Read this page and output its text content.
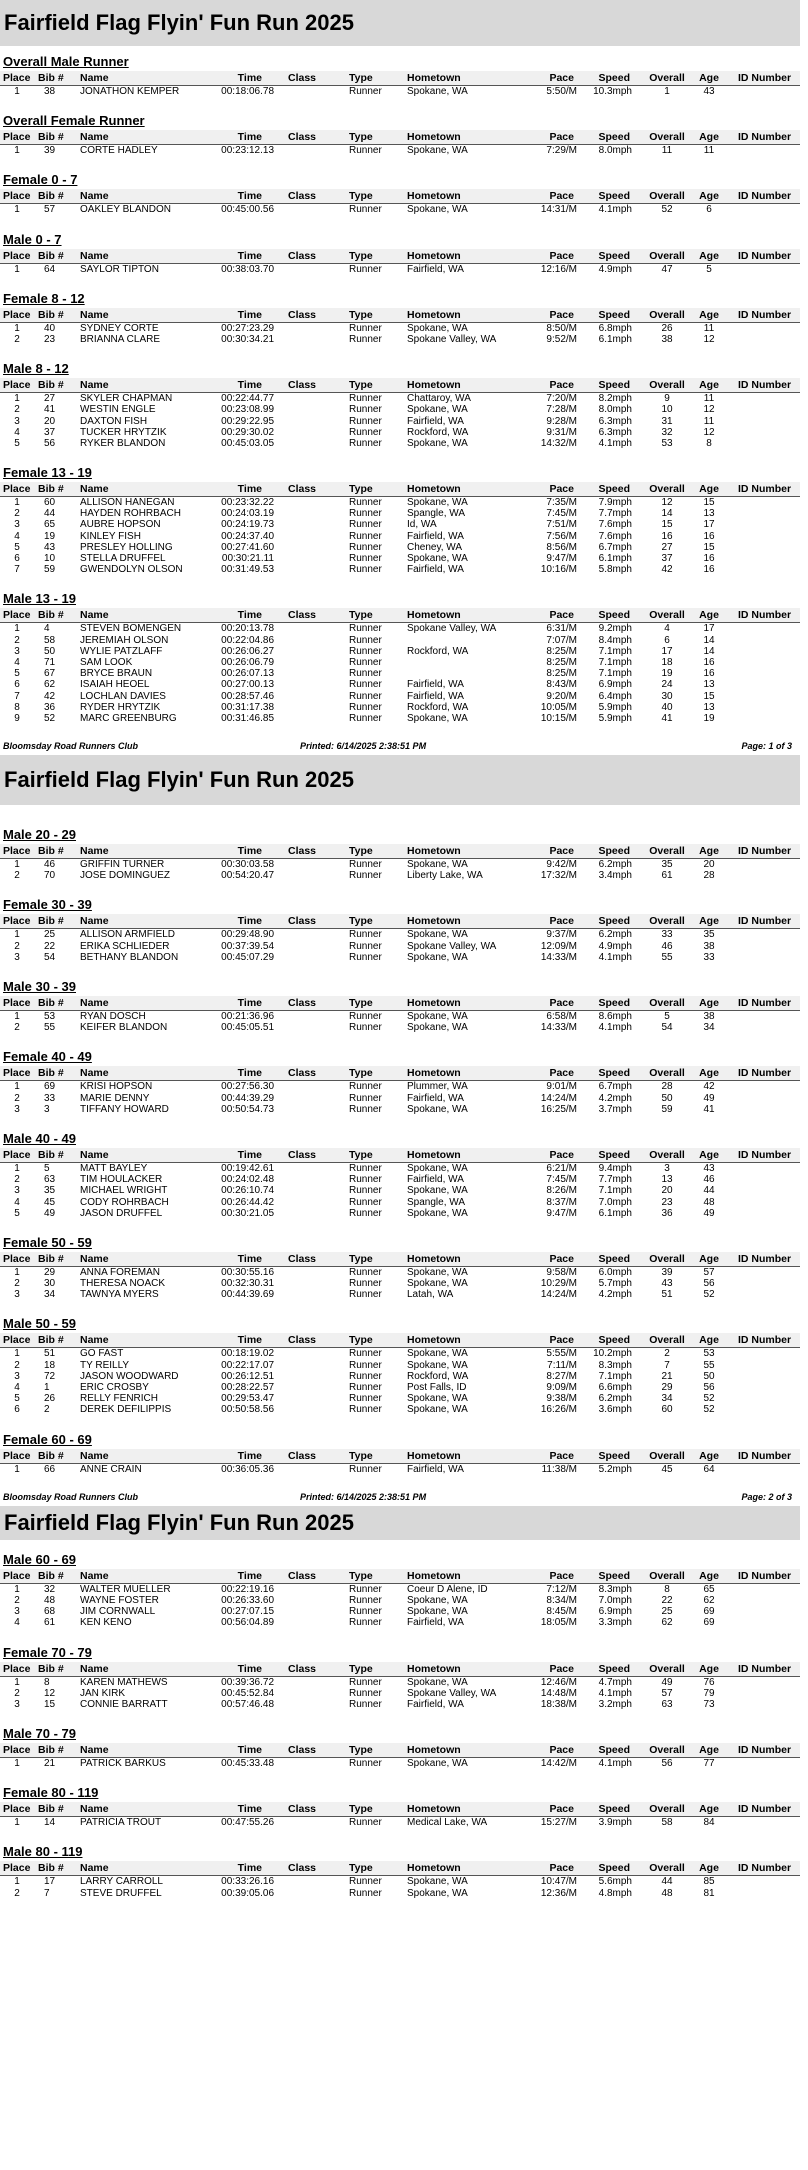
Fairfield Flag Flyin' Fun Run 2025
Overall Male Runner
Place Bib # Name	Time Class	Type	Hometown	Pace Speed Overall	Age	ID Number
1	38 JONATHON KEMPER	00:18:06.78	Runner	Spokane, WA	5:50/M 10.3mph	1	43
Overall Female Runner
Place Bib # Name	Time Class	Type	Hometown	Pace Speed Overall	Age	ID Number
1	39 CORTE HADLEY	00:23:12.13	Runner	Spokane, WA	7:29/M 8.0mph	11	11
Female 0 - 7
Place Bib # Name	Time Class	Type	Hometown	Pace Speed Overall	Age	ID Number
1	57 OAKLEY BLANDON	00:45:00.56	Runner	Spokane, WA	14:31/M 4.1mph	52	6
Male 0 - 7
Place Bib # Name	Time Class	Type	Hometown	Pace Speed Overall	Age	ID Number
1	64 SAYLOR TIPTON	00:38:03.70	Runner	Fairfield, WA	12:16/M 4.9mph	47	5
Female 8 - 12
Place Bib # Name	Time Class	Type	Hometown	Pace Speed Overall	Age	ID Number
1	40 SYDNEY CORTE	00:27:23.29	Runner	Spokane, WA	8:50/M 6.8mph	26	11
2	23 BRIANNA CLARE	00:30:34.21	Runner	Spokane Valley, WA	9:52/M 6.1mph	38	12
Male 8 - 12
Place Bib # Name	Time Class	Type	Hometown	Pace Speed Overall	Age	ID Number
1	27 SKYLER CHAPMAN	00:22:44.77	Runner	Chattaroy, WA	7:20/M 8.2mph	9	11
2	41 WESTIN ENGLE	00:23:08.99	Runner	Spokane, WA	7:28/M 8.0mph	10	12
3	20 DAXTON FISH	00:29:22.95	Runner	Fairfield, WA	9:28/M 6.3mph	31	11
4	37 TUCKER HRYTZIK	00:29:30.02	Runner	Rockford, WA	9:31/M 6.3mph	32	12
5	56 RYKER BLANDON	00:45:03.05	Runner	Spokane, WA	14:32/M 4.1mph	53	8
Female 13 - 19
Place Bib # Name	Time Class	Type	Hometown	Pace Speed Overall	Age	ID Number
1	60 ALLISON HANEGAN	00:23:32.22	Runner	Spokane, WA	7:35/M 7.9mph	12	15
2	44 HAYDEN ROHRBACH	00:24:03.19	Runner	Spangle, WA	7:45/M 7.7mph	14	13
3	65 AUBRE HOPSON	00:24:19.73	Runner	Id, WA	7:51/M 7.6mph	15	17
4	19 KINLEY FISH	00:24:37.40	Runner	Fairfield, WA	7:56/M 7.6mph	16	16
5	43 PRESLEY HOLLING	00:27:41.60	Runner	Cheney, WA	8:56/M 6.7mph	27	15
6	10 STELLA DRUFFEL	00:30:21.11	Runner	Spokane, WA	9:47/M 6.1mph	37	16
7	59 GWENDOLYN OLSON	00:31:49.53	Runner	Fairfield, WA	10:16/M 5.8mph	42	16
Male 13 - 19
Place Bib # Name	Time Class	Type	Hometown	Pace Speed Overall	Age	ID Number
1	4	STEVEN BOMENGEN	00:20:13.78	Runner	Spokane Valley, WA	6:31/M 9.2mph	4	17
2	58 JEREMIAH OLSON	00:22:04.86	Runner	7:07/M 8.4mph	6	14
3	50 WYLIE PATZLAFF	00:26:06.27	Runner	Rockford, WA	8:25/M 7.1mph	17	14
4	71 SAM LOOK	00:26:06.79	Runner	8:25/M 7.1mph	18	16
5	67 BRYCE BRAUN	00:26:07.13	Runner	8:25/M 7.1mph	19	16
6	62 ISAIAH HEOEL	00:27:00.13	Runner	Fairfield, WA	8:43/M 6.9mph	24	13
7	42 LOCHLAN DAVIES	00:28:57.46	Runner	Fairfield, WA	9:20/M 6.4mph	30	15
8	36 RYDER HRYTZIK	00:31:17.38	Runner	Rockford, WA	10:05/M 5.9mph	40	13
9	52 MARC GREENBURG	00:31:46.85	Runner	Spokane, WA	10:15/M 5.9mph	41	19
Bloomsday Road Runners Club	Printed: 6/14/2025 2:38:51 PM	Page: 1 of 3
Fairfield Flag Flyin' Fun Run 2025
Male 20 - 29
Place Bib # Name	Time Class	Type	Hometown	Pace Speed Overall	Age	ID Number
1	46 GRIFFIN TURNER	00:30:03.58	Runner	Spokane, WA	9:42/M 6.2mph	35	20
2	70 JOSE DOMINGUEZ	00:54:20.47	Runner	Liberty Lake, WA	17:32/M 3.4mph	61	28
Female 30 - 39
Place Bib # Name	Time Class	Type	Hometown	Pace Speed Overall	Age	ID Number
1	25 ALLISON ARMFIELD	00:29:48.90	Runner	Spokane, WA	9:37/M 6.2mph	33	35
2	22 ERIKA SCHLIEDER	00:37:39.54	Runner	Spokane Valley, WA	12:09/M 4.9mph	46	38
3	54 BETHANY BLANDON	00:45:07.29	Runner	Spokane, WA	14:33/M 4.1mph	55	33
Male 30 - 39
Place Bib # Name	Time Class	Type	Hometown	Pace Speed Overall	Age	ID Number
1	53 RYAN DOSCH	00:21:36.96	Runner	Spokane, WA	6:58/M 8.6mph	5	38
2	55 KEIFER BLANDON	00:45:05.51	Runner	Spokane, WA	14:33/M 4.1mph	54	34
Female 40 - 49
Place Bib # Name	Time Class	Type	Hometown	Pace Speed Overall	Age	ID Number
1	69 KRISI HOPSON	00:27:56.30	Runner	Plummer, WA	9:01/M 6.7mph	28	42
2	33 MARIE DENNY	00:44:39.29	Runner	Fairfield, WA	14:24/M 4.2mph	50	49
3	3	TIFFANY HOWARD	00:50:54.73	Runner	Spokane, WA	16:25/M 3.7mph	59	41
Male 40 - 49
Place Bib # Name	Time Class	Type	Hometown	Pace Speed Overall	Age	ID Number
1	5	MATT BAYLEY	00:19:42.61	Runner	Spokane, WA	6:21/M 9.4mph	3	43
2	63 TIM HOULACKER	00:24:02.48	Runner	Fairfield, WA	7:45/M 7.7mph	13	46
3	35 MICHAEL WRIGHT	00:26:10.74	Runner	Spokane, WA	8:26/M 7.1mph	20	44
4	45 CODY ROHRBACH	00:26:44.42	Runner	Spangle, WA	8:37/M 7.0mph	23	48
5	49 JASON DRUFFEL	00:30:21.05	Runner	Spokane, WA	9:47/M 6.1mph	36	49
Female 50 - 59
Place Bib # Name	Time Class	Type	Hometown	Pace Speed Overall	Age	ID Number
1	29 ANNA FOREMAN	00:30:55.16	Runner	Spokane, WA	9:58/M 6.0mph	39	57
2	30 THERESA NOACK	00:32:30.31	Runner	Spokane, WA	10:29/M 5.7mph	43	56
3	34 TAWNYA MYERS	00:44:39.69	Runner	Latah, WA	14:24/M 4.2mph	51	52
Male 50 - 59
Place Bib # Name	Time Class	Type	Hometown	Pace Speed Overall	Age	ID Number
1	51 GO FAST	00:18:19.02	Runner	Spokane, WA	5:55/M 10.2mph	2	53
2	18 TY REILLY	00:22:17.07	Runner	Spokane, WA	7:11/M 8.3mph	7	55
3	72 JASON WOODWARD	00:26:12.51	Runner	Rockford, WA	8:27/M 7.1mph	21	50
4	1	ERIC CROSBY	00:28:22.57	Runner	Post Falls, ID	9:09/M 6.6mph	29	56
5	26 RELLY FENRICH	00:29:53.47	Runner	Spokane, WA	9:38/M 6.2mph	34	52
6	2	DEREK DEFILIPPIS	00:50:58.56	Runner	Spokane, WA	16:26/M 3.6mph	60	52
Female 60 - 69
Place Bib # Name	Time Class	Type	Hometown	Pace Speed Overall	Age	ID Number
1	66 ANNE CRAIN	00:36:05.36	Runner	Fairfield, WA	11:38/M 5.2mph	45	64
Bloomsday Road Runners Club	Printed: 6/14/2025 2:38:51 PM	Page: 2 of 3
Fairfield Flag Flyin' Fun Run 2025
Male 60 - 69
Place Bib # Name	Time Class	Type	Hometown	Pace Speed Overall	Age	ID Number
1	32 WALTER MUELLER	00:22:19.16	Runner	Coeur D Alene, ID	7:12/M 8.3mph	8	65
2	48 WAYNE FOSTER	00:26:33.60	Runner	Spokane, WA	8:34/M 7.0mph	22	62
3	68 JIM CORNWALL	00:27:07.15	Runner	Spokane, WA	8:45/M 6.9mph	25	69
4	61 KEN KENO	00:56:04.89	Runner	Fairfield, WA	18:05/M 3.3mph	62	69
Female 70 - 79
Place Bib # Name	Time Class	Type	Hometown	Pace Speed Overall	Age	ID Number
1	8	KAREN MATHEWS	00:39:36.72	Runner	Spokane, WA	12:46/M 4.7mph	49	76
2	12 JAN KIRK	00:45:52.84	Runner	Spokane Valley, WA	14:48/M 4.1mph	57	79
3	15 CONNIE BARRATT	00:57:46.48	Runner	Fairfield, WA	18:38/M 3.2mph	63	73
Male 70 - 79
Place Bib # Name	Time Class	Type	Hometown	Pace Speed Overall	Age	ID Number
1	21 PATRICK BARKUS	00:45:33.48	Runner	Spokane, WA	14:42/M 4.1mph	56	77
Female 80 - 119
Place Bib # Name	Time Class	Type	Hometown	Pace Speed Overall	Age	ID Number
1	14 PATRICIA TROUT	00:47:55.26	Runner	Medical Lake, WA	15:27/M 3.9mph	58	84
Male 80 - 119
Place Bib # Name	Time Class	Type	Hometown	Pace Speed Overall	Age	ID Number
1	17 LARRY CARROLL	00:33:26.16	Runner	Spokane, WA	10:47/M 5.6mph	44	85
2	7	STEVE DRUFFEL	00:39:05.06	Runner	Spokane, WA	12:36/M 4.8mph	48	81
